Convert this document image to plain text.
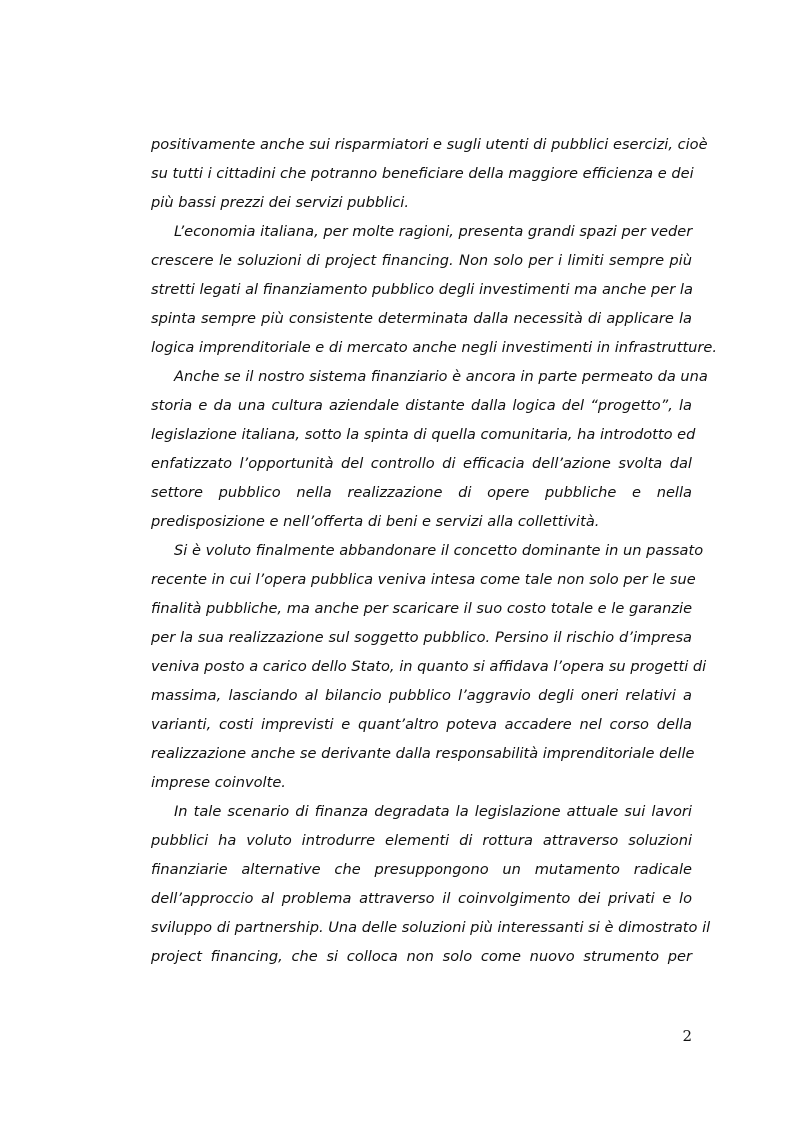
positivamente anche sui risparmiatori e sugli utenti di pubblici esercizi, cioè
su tutti i cittadini che potranno beneficiare della maggiore efficienza e dei
più bassi prezzi dei servizi pubblici.
L’economia italiana, per molte ragioni, presenta grandi spazi per veder
crescere le soluzioni di project financing. Non solo per i limiti sempre più
stretti legati al finanziamento pubblico degli investimenti ma anche per la
spinta sempre più consistente determinata dalla necessità di applicare la
logica imprenditoriale e di mercato anche negli investimenti in infrastrutture.
Anche se il nostro sistema finanziario è ancora in parte permeato da una
storia e da una cultura aziendale distante dalla logica del “progetto”, la
legislazione italiana, sotto la spinta di quella comunitaria, ha introdotto ed
enfatizzato l’opportunità del controllo di efficacia dell’azione svolta dal
settore pubblico nella realizzazione di opere pubbliche e nella
predisposizione e nell’offerta di beni e servizi alla collettività.
Si è voluto finalmente abbandonare il concetto dominante in un passato
recente in cui l’opera pubblica veniva intesa come tale non solo per le sue
finalità pubbliche, ma anche per scaricare il suo costo totale e le garanzie
per la sua realizzazione sul soggetto pubblico. Persino il rischio d’impresa
veniva posto a carico dello Stato, in quanto si affidava l’opera su progetti di
massima, lasciando al bilancio pubblico l’aggravio degli oneri relativi a
varianti, costi imprevisti e quant’altro poteva accadere nel corso della
realizzazione anche se derivante dalla responsabilità imprenditoriale delle
imprese coinvolte.
In tale scenario di finanza degradata la legislazione attuale sui lavori
pubblici ha voluto introdurre elementi di rottura attraverso soluzioni
finanziarie alternative che presuppongono un mutamento radicale
dell’approccio al problema attraverso il coinvolgimento dei privati e lo
sviluppo di partnership. Una delle soluzioni più interessanti si è dimostrato il
project financing, che si colloca non solo come nuovo strumento per
2
